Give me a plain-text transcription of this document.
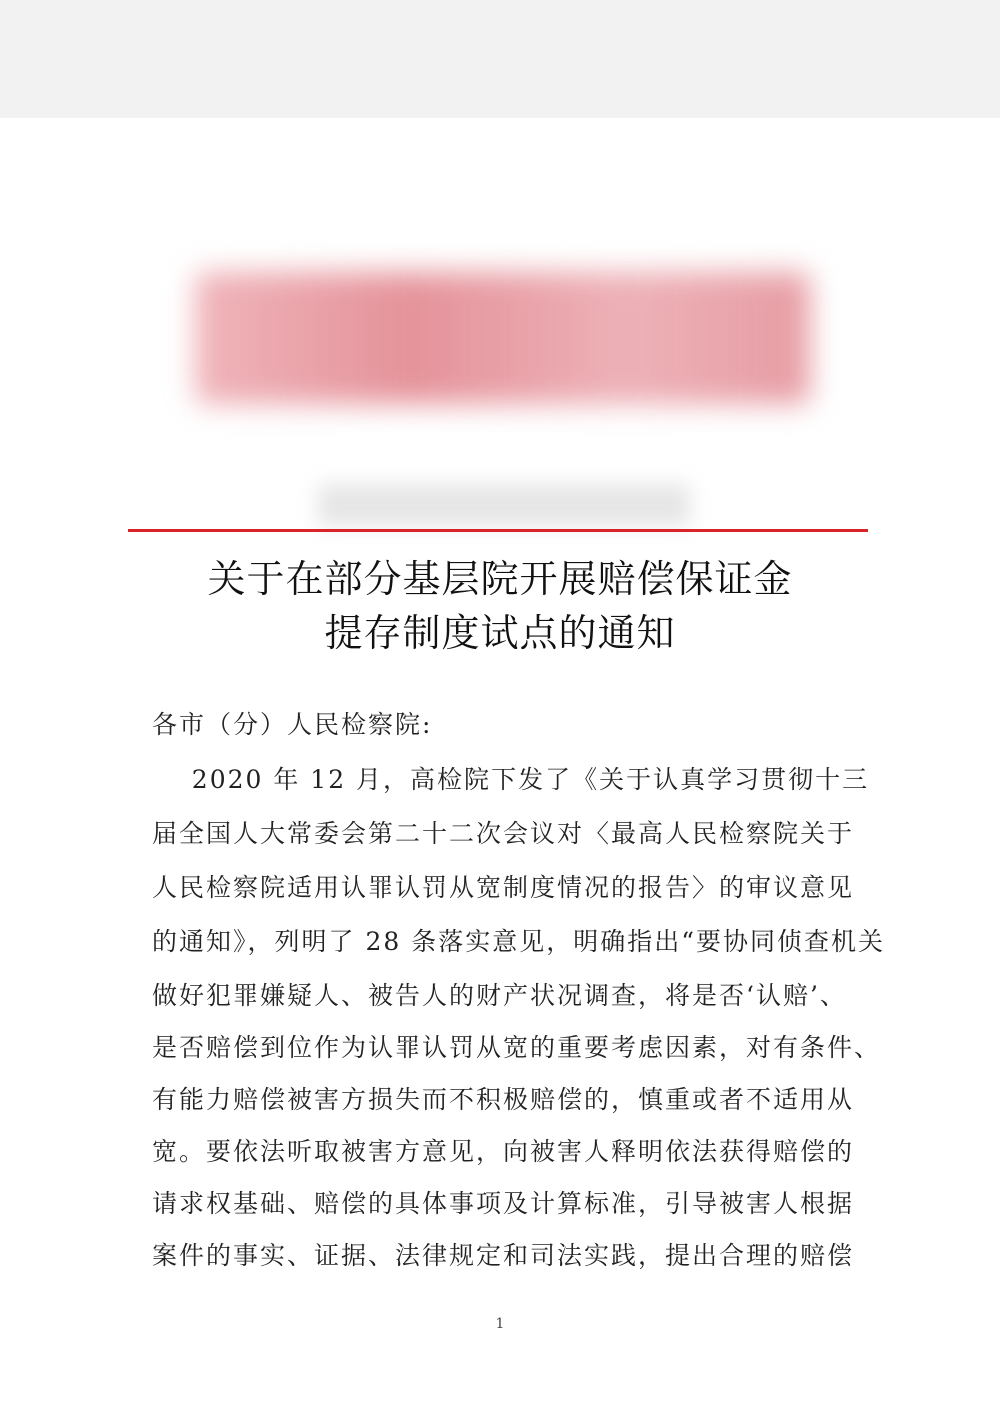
关于在部分基层院开展赔偿保证金
提存制度试点的通知
各市（分）人民检察院:
2020 年 12 月，高检院下发了《关于认真学习贯彻十三
届全国人大常委会第二十二次会议对〈最高人民检察院关于
人民检察院适用认罪认罚从宽制度情况的报告〉的审议意见
的通知》，列明了 28 条落实意见，明确指出“要协同侦查机关
做好犯罪嫌疑人、被告人的财产状况调查，将是否‘认赔’、
是否赔偿到位作为认罪认罚从宽的重要考虑因素，对有条件、
有能力赔偿被害方损失而不积极赔偿的，慎重或者不适用从
宽。要依法听取被害方意见，向被害人释明依法获得赔偿的
请求权基础、赔偿的具体事项及计算标准，引导被害人根据
案件的事实、证据、法律规定和司法实践，提出合理的赔偿
1
